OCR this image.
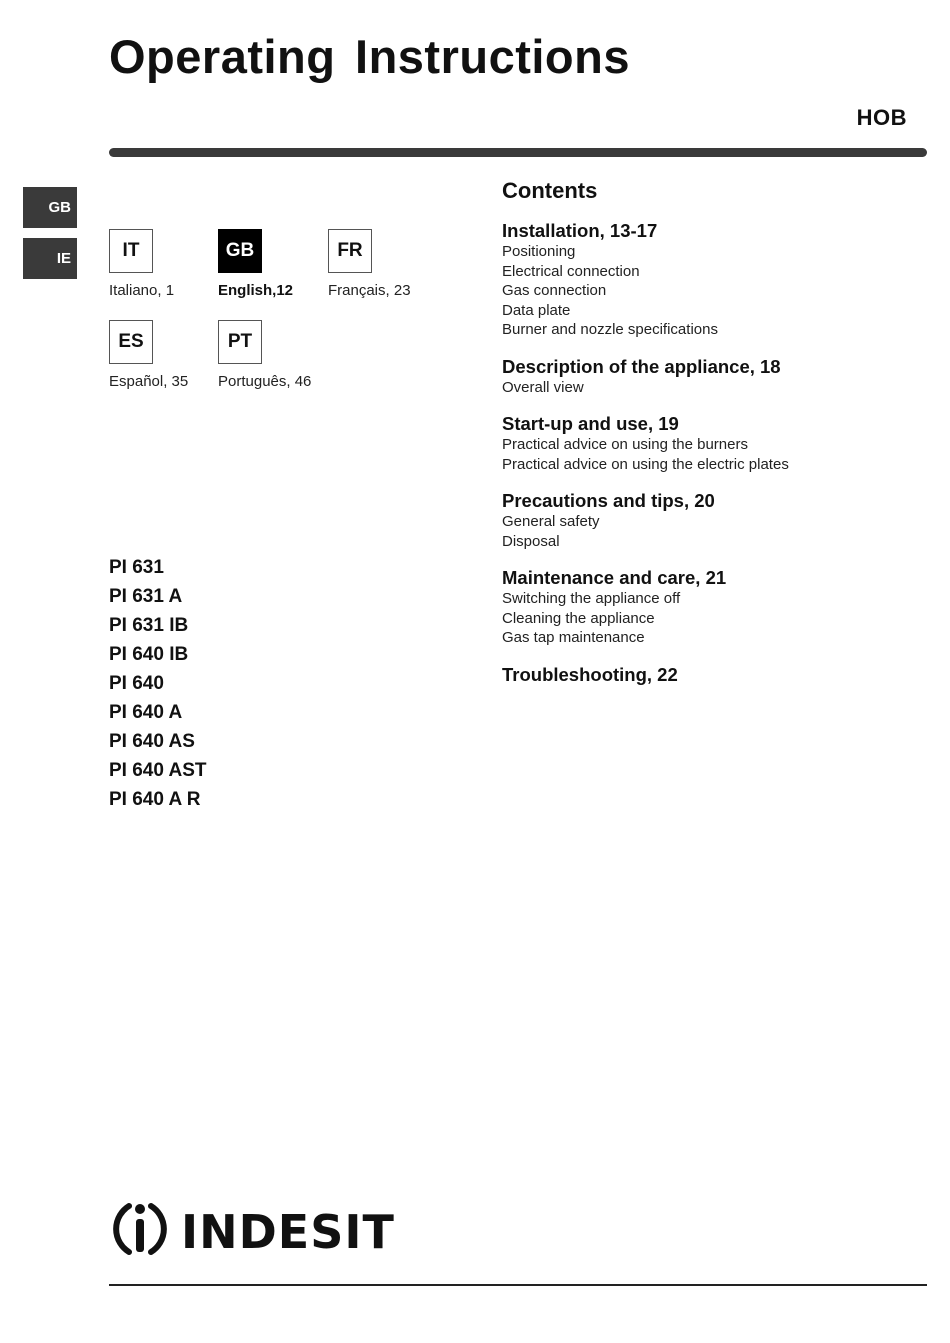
Operating Instructions
HOB
GB
IE	IT
Italiano, 1
GB
English,12
FR
Français, 23
ES
Español, 35
PT
Português, 46
PI 631
PI 631 A
PI 631 IB
PI 640 IB
PI 640
PI 640 A
PI 640 AS
PI 640 AST
PI 640 A R
Contents
Installation, 13-17
Positioning
Electrical connection
Gas connection
Data plate
Burner and nozzle specifications
Description of the appliance, 18
Overall view
Start-up and use, 19
Practical advice on using the burners
Practical advice on using the electric plates
Precautions and tips, 20
General safety
Disposal
Maintenance and care, 21
Switching the appliance off
Cleaning the appliance
Gas tap maintenance
Troubleshooting, 22
INDESIT
